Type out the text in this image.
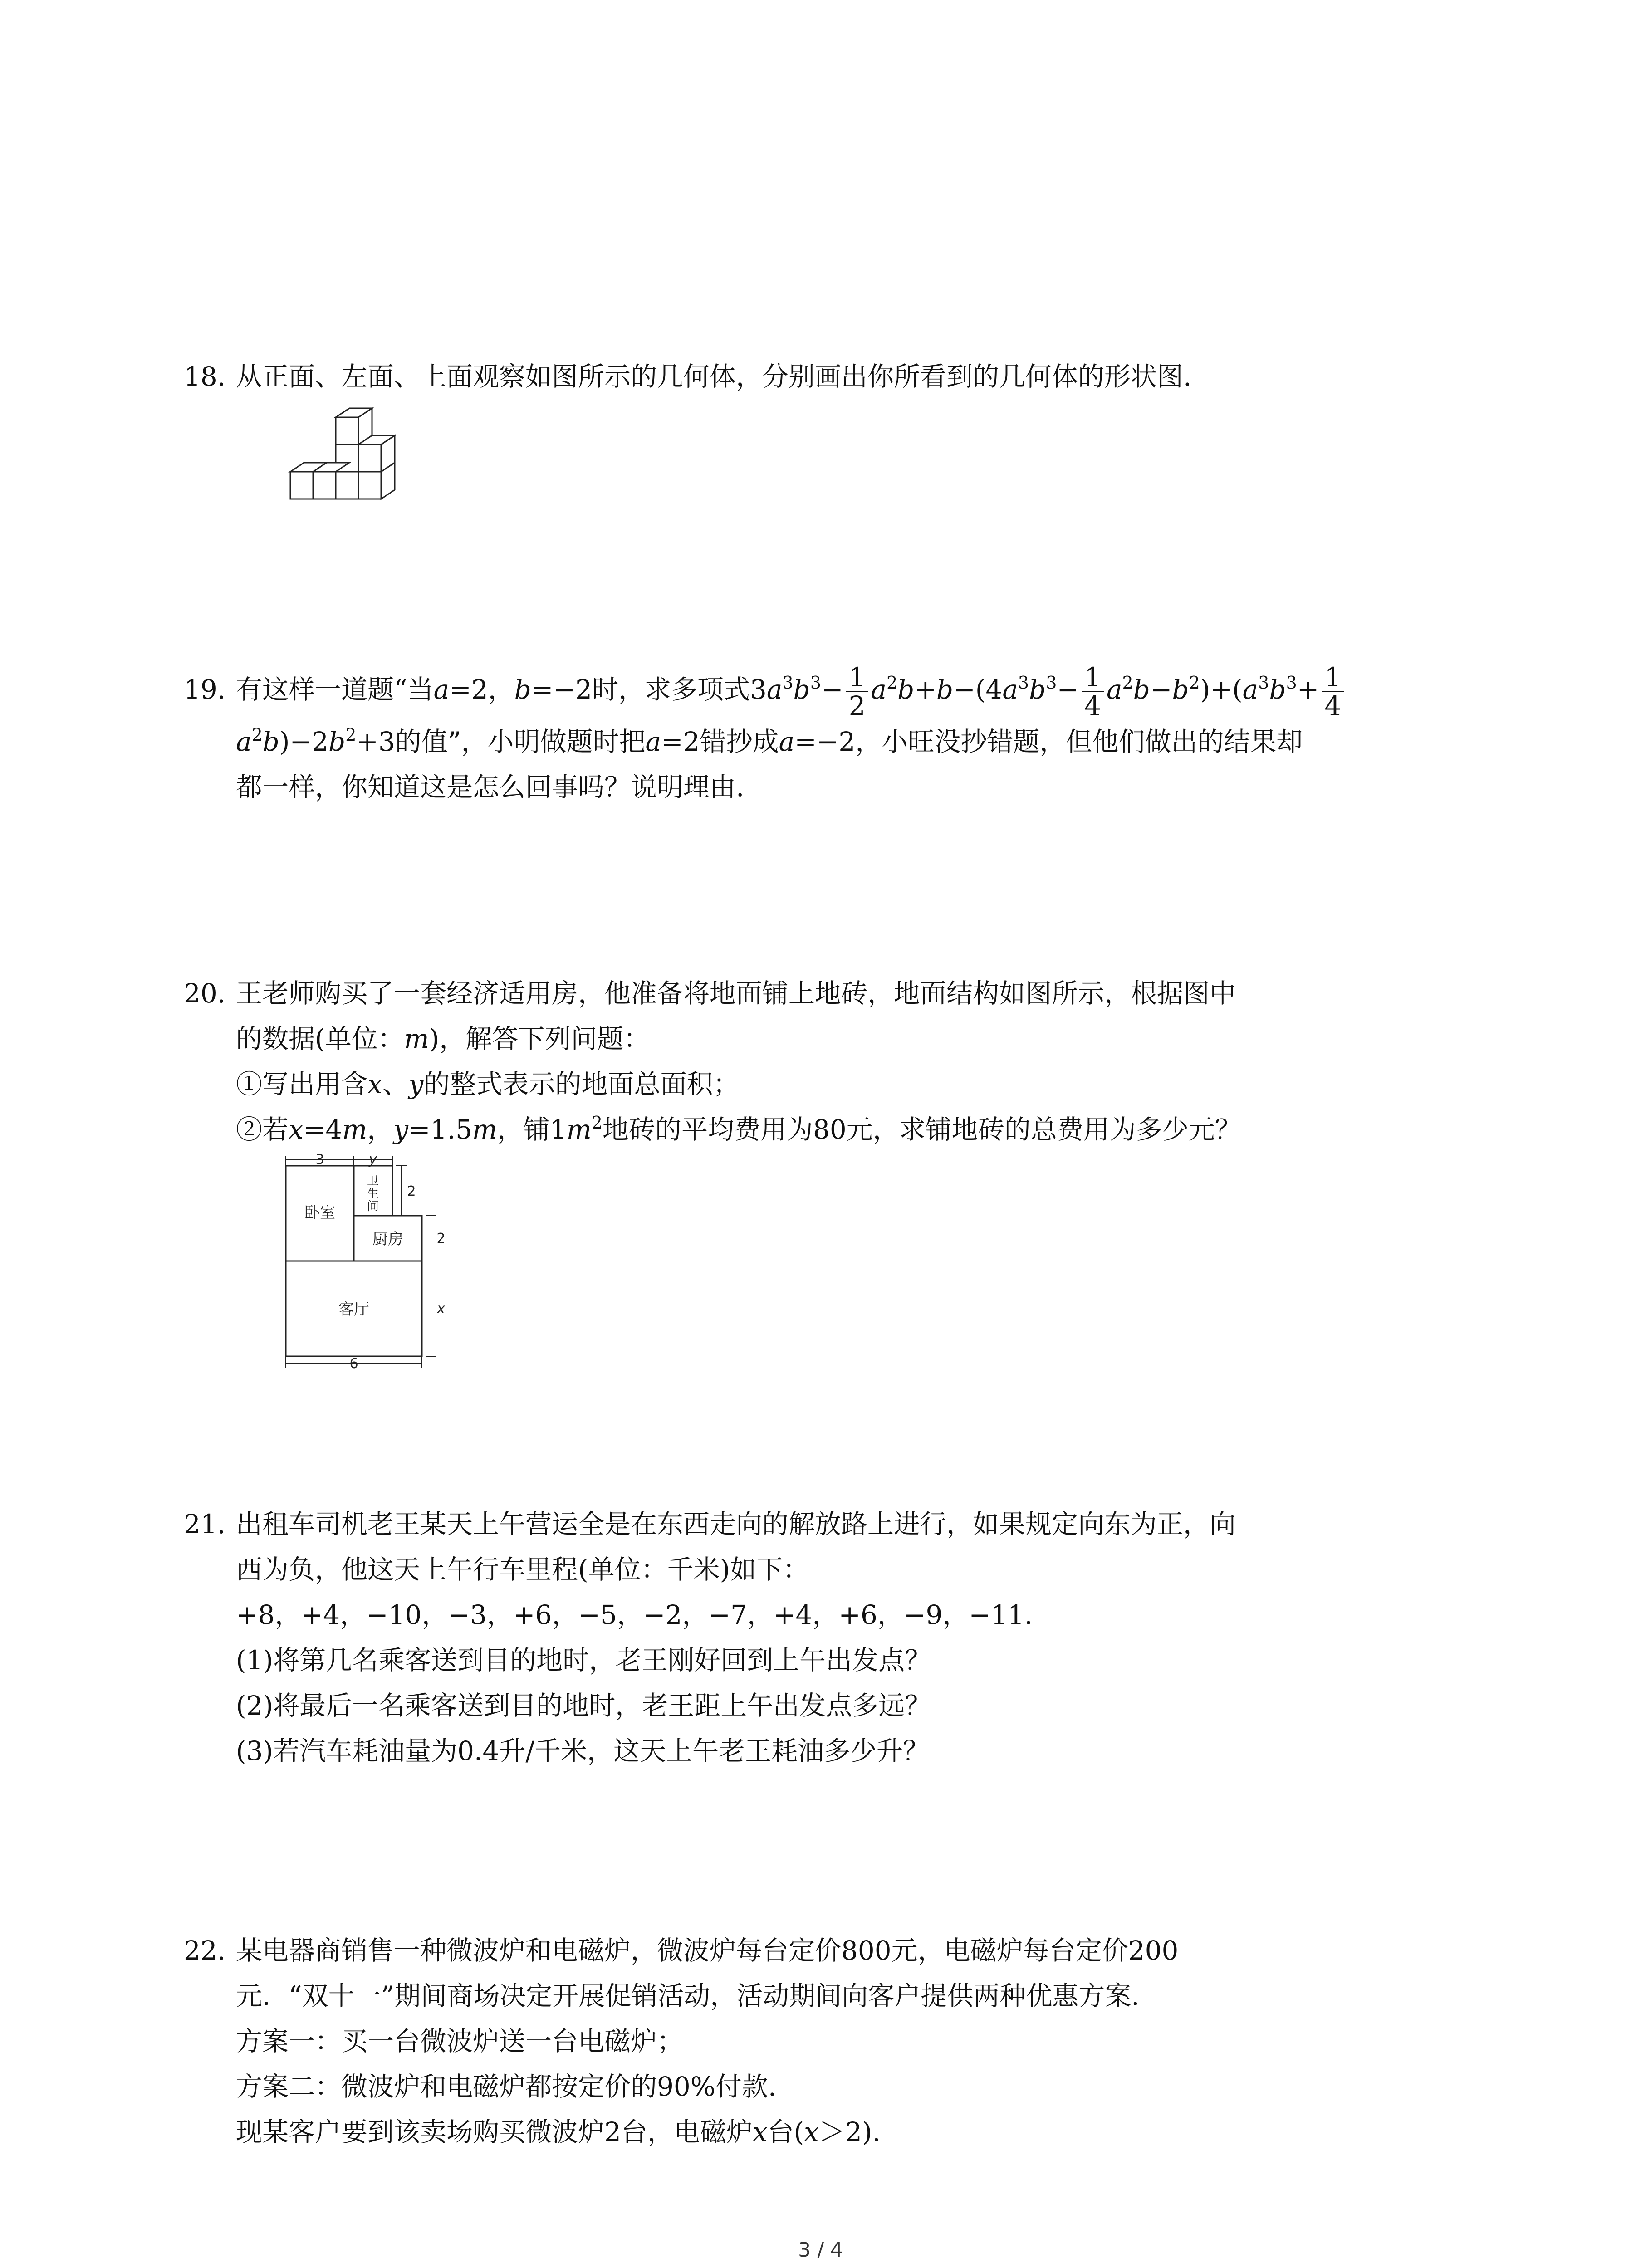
18. 从正面、左面、上面观察如图所示的几何体，分别画出你所看到的几何体的形状图.
19. 有这样一道题“当a=2，b=−2时，求多项式$3a^3b^3- \frac{1}{2} a^2b+b-(4a^3b^3- \frac{1}{4} a^2b-b^2)+(a^3b^3+ \frac{1}{4}$
$a^2b)-2b^2+3$的值”，小明做题时把a=2错抄成a=−2，小旺没抄错题，但他们做出的结果却
都一样，你知道这是怎么回事吗？说明理由.
20. 王老师购买了一套经济适用房，他准备将地面铺上地砖，地面结构如图所示，根据图中
的数据(单位：m)，解答下列问题：
①写出用含x、y的整式表示的地面总面积；
②若x=4m，y=1.5m，铺$1m^2$地砖的平均费用为80元，求铺地砖的总费用为多少元？
3	y
2
2
x
6
卧室
卫
生
间
厨房
客厅
21. 出租车司机老王某天上午营运全是在东西走向的解放路上进行，如果规定向东为正，向
西为负，他这天上午行车里程(单位：千米)如下：
+8，+4，−10，−3，+6，−5，−2，−7，+4，+6，−9，−11.
(1)将第几名乘客送到目的地时，老王刚好回到上午出发点？
(2)将最后一名乘客送到目的地时，老王距上午出发点多远？
(3)若汽车耗油量为0.4升/千米，这天上午老王耗油多少升？
22. 某电器商销售一种微波炉和电磁炉，微波炉每台定价800元，电磁炉每台定价200
元．“双十一”期间商场决定开展促销活动，活动期间向客户提供两种优惠方案.
方案一：买一台微波炉送一台电磁炉；
方案二：微波炉和电磁炉都按定价的90%付款.
现某客户要到该卖场购买微波炉2台，电磁炉x台(x＞2).
3 / 4
